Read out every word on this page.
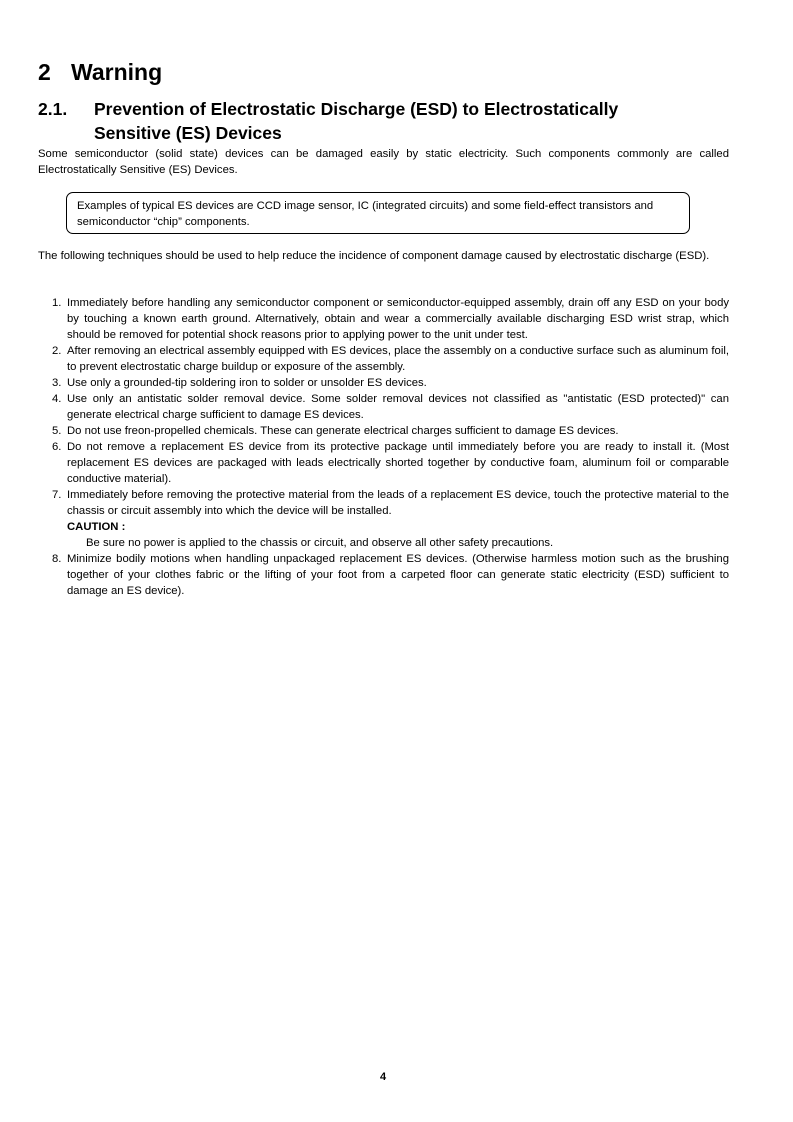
2 Warning
2.1. Prevention of Electrostatic Discharge (ESD) to Electrostatically Sensitive (ES) Devices

Some semiconductor (solid state) devices can be damaged easily by static electricity. Such components commonly are called Electrostatically Sensitive (ES) Devices.

Examples of typical ES devices are CCD image sensor, IC (integrated circuits) and some field-effect transistors and semiconductor “chip” components.

The following techniques should be used to help reduce the incidence of component damage caused by electrostatic discharge (ESD).

1. Immediately before handling any semiconductor component or semiconductor-equipped assembly, drain off any ESD on your body by touching a known earth ground. Alternatively, obtain and wear a commercially available discharging ESD wrist strap, which should be removed for potential shock reasons prior to applying power to the unit under test.
2. After removing an electrical assembly equipped with ES devices, place the assembly on a conductive surface such as aluminum foil, to prevent electrostatic charge buildup or exposure of the assembly.
3. Use only a grounded-tip soldering iron to solder or unsolder ES devices.
4. Use only an antistatic solder removal device. Some solder removal devices not classified as "antistatic (ESD protected)" can generate electrical charge sufficient to damage ES devices.
5. Do not use freon-propelled chemicals. These can generate electrical charges sufficient to damage ES devices.
6. Do not remove a replacement ES device from its protective package until immediately before you are ready to install it. (Most replacement ES devices are packaged with leads electrically shorted together by conductive foam, aluminum foil or comparable conductive material).
7. Immediately before removing the protective material from the leads of a replacement ES device, touch the protective material to the chassis or circuit assembly into which the device will be installed.
CAUTION :
Be sure no power is applied to the chassis or circuit, and observe all other safety precautions.
8. Minimize bodily motions when handling unpackaged replacement ES devices. (Otherwise harmless motion such as the brushing together of your clothes fabric or the lifting of your foot from a carpeted floor can generate static electricity (ESD) sufficient to damage an ES device).

4
